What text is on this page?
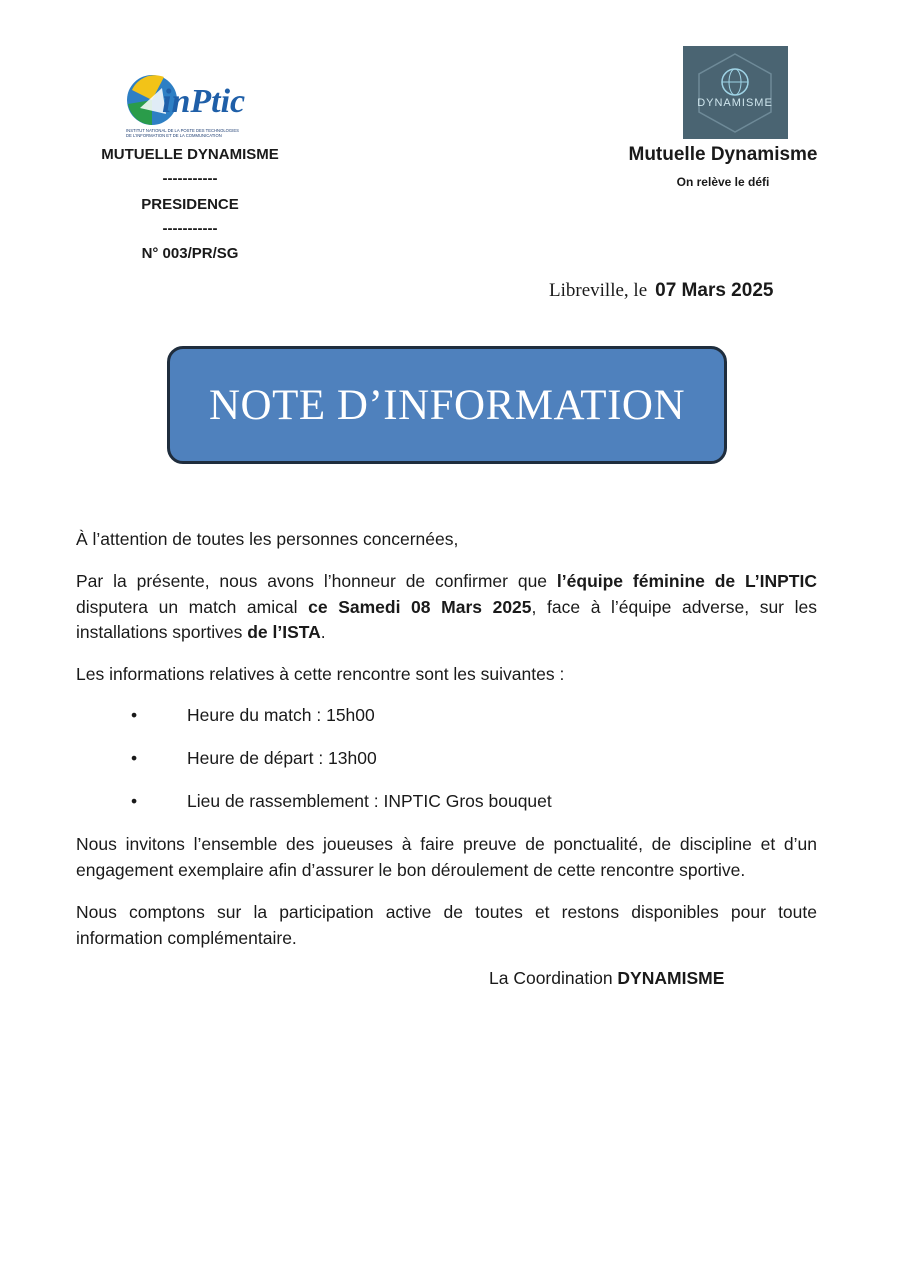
inPtic
INSTITUT NATIONAL DE LA POSTE DES TECHNOLOGIES
DE L'INFORMATION ET DE LA COMMUNICATION
MUTUELLE DYNAMISME
-----------
PRESIDENCE
-----------
N° 003/PR/SG
DYNAMISME
Mutuelle Dynamisme
On relève le défi
Libreville, le 07 Mars 2025
NOTE D’INFORMATION
À l’attention de toutes les personnes concernées,
Par la présente, nous avons l’honneur de confirmer que l’équipe féminine de L’INPTIC disputera un match amical ce Samedi 08 Mars 2025, face à l’équipe adverse, sur les installations sportives de l’ISTA.
Les informations relatives à cette rencontre sont les suivantes :
•	Heure du match : 15h00
•	Heure de départ : 13h00
•	Lieu de rassemblement : INPTIC Gros bouquet
Nous invitons l’ensemble des joueuses à faire preuve de ponctualité, de discipline et d’un engagement exemplaire afin d’assurer le bon déroulement de cette rencontre sportive.
Nous comptons sur la participation active de toutes et restons disponibles pour toute information complémentaire.
La Coordination DYNAMISME
